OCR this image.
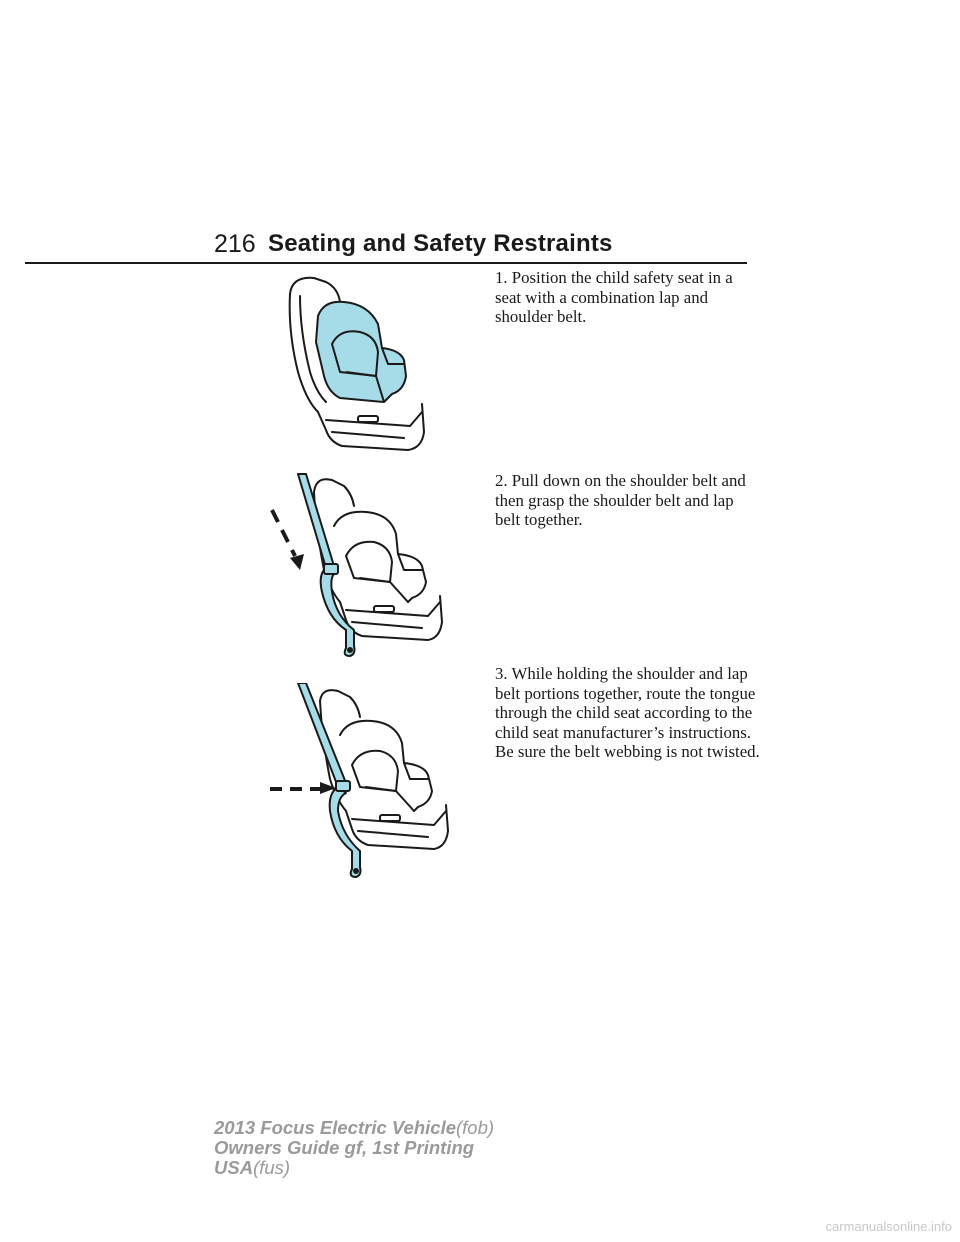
216 Seating and Safety Restraints
1. Position the child safety seat in a seat with a combination lap and shoulder belt.
2. Pull down on the shoulder belt and then grasp the shoulder belt and lap belt together.
3. While holding the shoulder and lap belt portions together, route the tongue through the child seat according to the child seat manufacturer’s instructions. Be sure the belt webbing is not twisted.
2013 Focus Electric Vehicle(fob)
Owners Guide gf, 1st Printing
USA(fus)
carmanualsonline.info
